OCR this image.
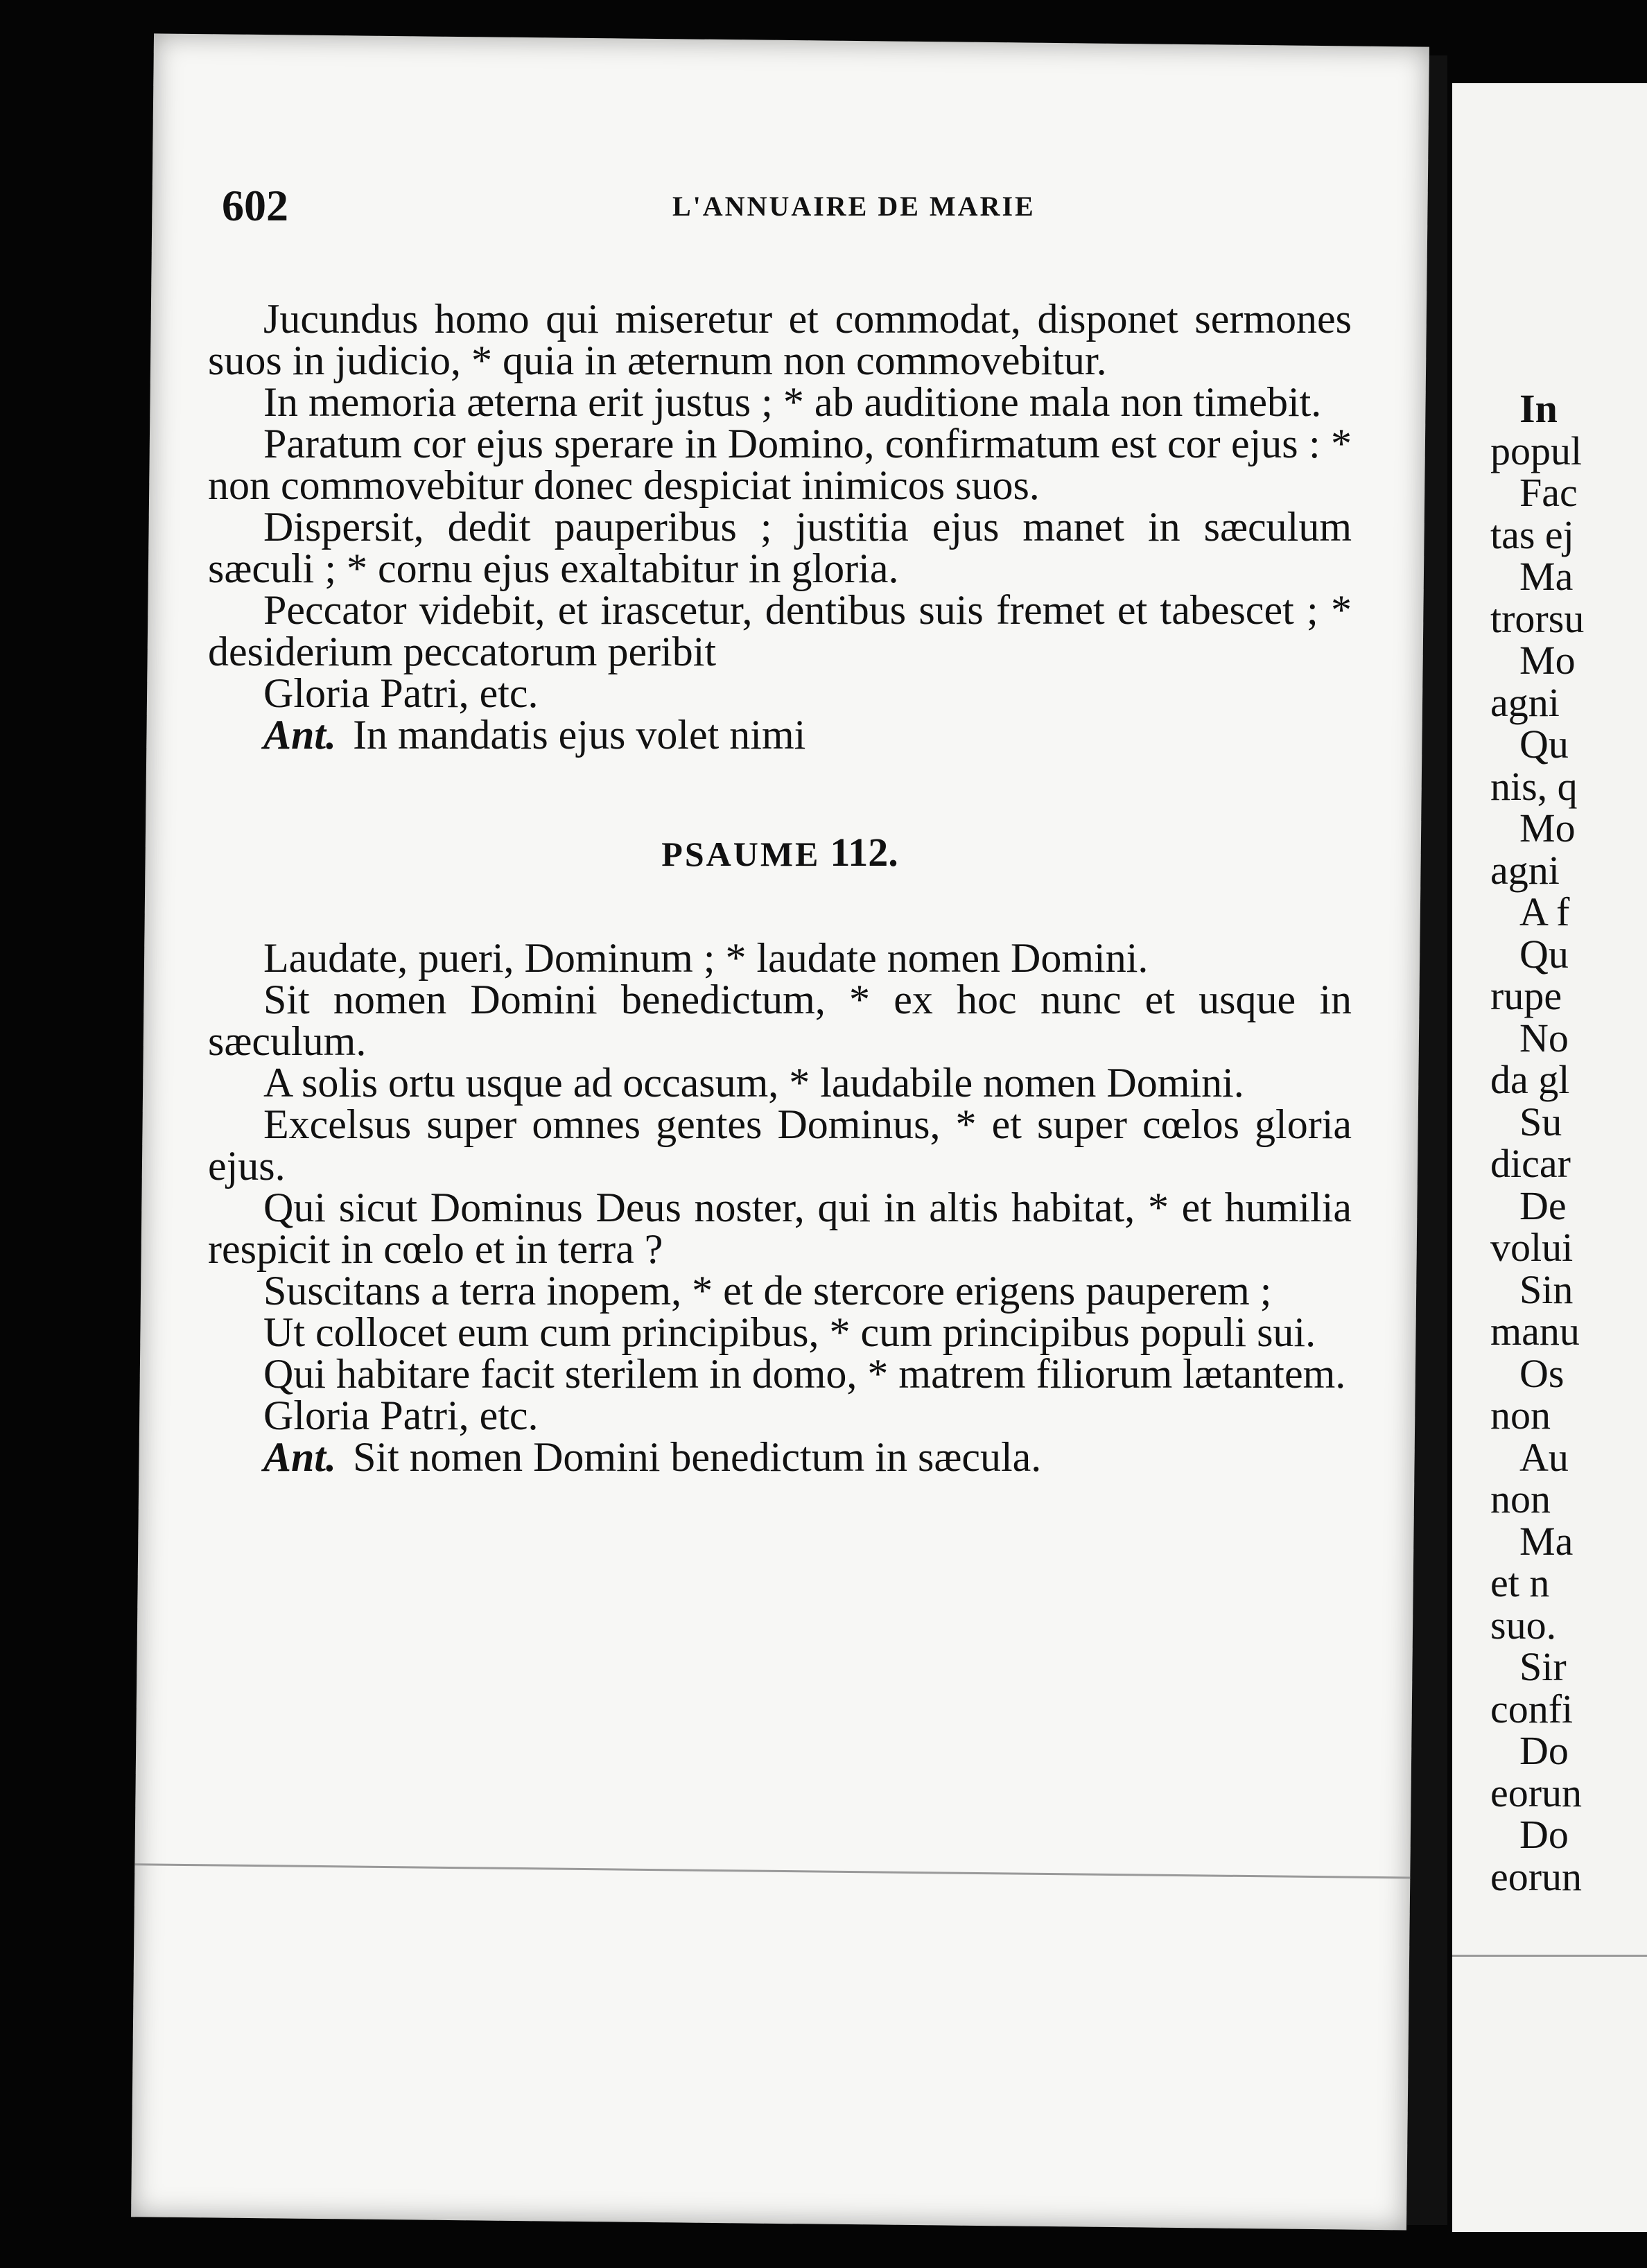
602	L'ANNUAIRE DE MARIE

Jucundus homo qui miseretur et commodat, disponet sermones suos in judicio, * quia in æternum non commovebitur.

In memoria æterna erit justus ; * ab auditione mala non timebit.

Paratum cor ejus sperare in Domino, confirmatum est cor ejus : * non commovebitur donec despiciat inimicos suos.

Dispersit, dedit pauperibus ; justitia ejus manet in sæculum sæculi ; * cornu ejus exaltabitur in gloria.

Peccator videbit, et irascetur, dentibus suis fremet et tabescet ; * desiderium peccatorum peribit

Gloria Patri, etc.

Ant. In mandatis ejus volet nimi

PSAUME 112.

Laudate, pueri, Dominum ; * laudate nomen Domini.

Sit nomen Domini benedictum, * ex hoc nunc et usque in sæculum.

A solis ortu usque ad occasum, * laudabile nomen Domini.

Excelsus super omnes gentes Dominus, * et super cœlos gloria ejus.

Qui sicut Dominus Deus noster, qui in altis habitat, * et humilia respicit in cœlo et in terra ?

Suscitans a terra inopem, * et de stercore erigens pauperem ;

Ut collocet eum cum principibus, * cum principibus populi sui.

Qui habitare facit sterilem in domo, * matrem filiorum lætantem.

Gloria Patri, etc.

Ant. Sit nomen Domini benedictum in sæcula.

In
popul
Fac
tas ej
Ma
trorsu
Mo
agni
Qu
nis, q
Mo
agni
A f
Qu
rupe
No
da gl
Su
dicar
De
volui
Sin
manu
Os
non
Au
non
Ma
et n
suo.
Sir
confi
Do
eorun
Do
eorun
